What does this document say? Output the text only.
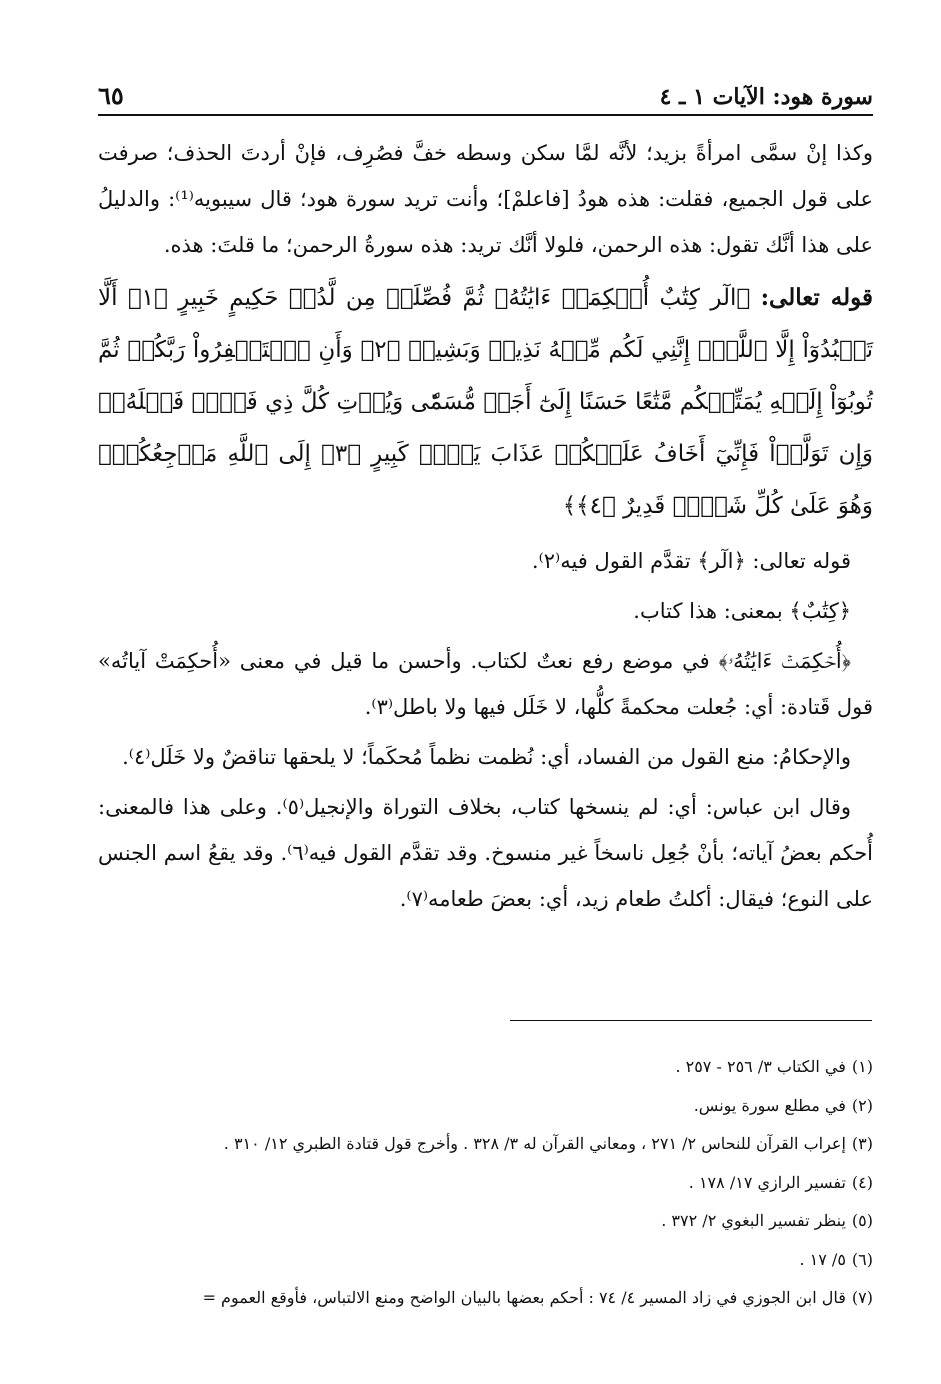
سورة هود: الآيات ١ ـ ٤
٦٥

وكذا إنْ سمَّى امرأةً بزيد؛ لأنَّه لمَّا سكن وسطه خفَّ فصُرِف، فإنْ أردتَ الحذف؛ صرفت على قول الجميع، فقلت: هذه هودُ [فاعلمْ]؛ وأنت تريد سورة هود؛ قال سيبويه⁽¹⁾: والدليلُ على هذا أنَّك تقول: هذه الرحمن، فلولا أنَّك تريد: هذه سورةُ الرحمن؛ ما قلتَ: هذه.

قوله تعالى: ﴿الٓر كِتَٰبٌ أُحۡكِمَتۡ ءَايَٰتُهُۥ ثُمَّ فُصِّلَتۡ مِن لَّدُنۡ حَكِيمٍ خَبِيرٍ ﴿١﴾ أَلَّا تَعۡبُدُوٓاْ إِلَّا ٱللَّهَۚ إِنَّنِي لَكُم مِّنۡهُ نَذِيرٞ وَبَشِيرٞ ﴿٢﴾ وَأَنِ ٱسۡتَغۡفِرُواْ رَبَّكُمۡ ثُمَّ تُوبُوٓاْ إِلَيۡهِ يُمَتِّعۡكُم مَّتَٰعًا حَسَنًا إِلَىٰٓ أَجَلٖ مُّسَمّٗى وَيُؤۡتِ كُلَّ ذِي فَضۡلٖ فَضۡلَهُۥۖ وَإِن تَوَلَّوۡاْ فَإِنِّيٓ أَخَافُ عَلَيۡكُمۡ عَذَابَ يَوۡمٖ كَبِيرٍ ﴿٣﴾ إِلَى ٱللَّهِ مَرۡجِعُكُمۡۖ وَهُوَ عَلَىٰ كُلِّ شَيۡءٖ قَدِيرٌ ﴿٤﴾﴾

قوله تعالى: ﴿الٓر﴾ تقدَّم القول فيه⁽٢⁾.

﴿كِتَٰبٌ﴾ بمعنى: هذا كتاب.

﴿أُحۡكِمَتۡ ءَايَٰتُهُۥ﴾ في موضع رفع نعتٌ لكتاب. وأحسن ما قيل في معنى «أُحكِمَتْ آياتُه» قول قَتادة: أي: جُعلت محكمةً كلُّها، لا خَلَل فيها ولا باطل⁽٣⁾.

والإحكامُ: منع القول من الفساد، أي: نُظمت نظماً مُحكَماً؛ لا يلحقها تناقضٌ ولا خَلَل⁽٤⁾.

وقال ابن عباس: أي: لم ينسخها كتاب، بخلاف التوراة والإنجيل⁽٥⁾. وعلى هذا فالمعنى: أُحكم بعضُ آياته؛ بأنْ جُعِل ناسخاً غير منسوخ. وقد تقدَّم القول فيه⁽٦⁾. وقد يقعُ اسم الجنس على النوع؛ فيقال: أكلتُ طعام زيد، أي: بعضَ طعامه⁽٧⁾.

(١)في الكتاب ٣/ ٢٥٦ - ٢٥٧ .
(٢)في مطلع سورة يونس.
(٣)إعراب القرآن للنحاس ٢/ ٢٧١ ، ومعاني القرآن له ٣/ ٣٢٨ . وأخرج قول قتادة الطبري ١٢/ ٣١٠ .
(٤)تفسير الرازي ١٧/ ١٧٨ .
(٥)ينظر تفسير البغوي ٢/ ٣٧٢ .
(٦)٥/ ١٧ .
(٧)قال ابن الجوزي في زاد المسير ٤/ ٧٤ : أحكم بعضها بالبيان الواضح ومنع الالتباس، فأوقع العموم =
